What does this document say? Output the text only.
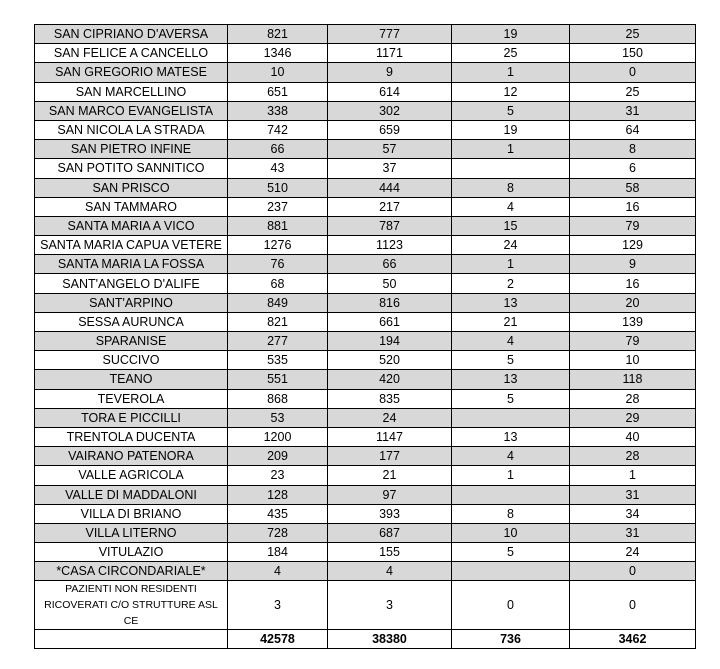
SAN CIPRIANO D'AVERSA	821	777	19	25
SAN FELICE A CANCELLO	1346	1171	25	150
SAN GREGORIO MATESE	10	9	1	0
SAN MARCELLINO	651	614	12	25
SAN MARCO EVANGELISTA	338	302	5	31
SAN NICOLA LA STRADA	742	659	19	64
SAN PIETRO INFINE	66	57	1	8
SAN POTITO SANNITICO	43	37		6
SAN PRISCO	510	444	8	58
SAN TAMMARO	237	217	4	16
SANTA MARIA A VICO	881	787	15	79
SANTA MARIA CAPUA VETERE	1276	1123	24	129
SANTA MARIA LA FOSSA	76	66	1	9
SANT'ANGELO D'ALIFE	68	50	2	16
SANT'ARPINO	849	816	13	20
SESSA AURUNCA	821	661	21	139
SPARANISE	277	194	4	79
SUCCIVO	535	520	5	10
TEANO	551	420	13	118
TEVEROLA	868	835	5	28
TORA E PICCILLI	53	24		29
TRENTOLA DUCENTA	1200	1147	13	40
VAIRANO PATENORA	209	177	4	28
VALLE AGRICOLA	23	21	1	1
VALLE DI MADDALONI	128	97		31
VILLA DI BRIANO	435	393	8	34
VILLA LITERNO	728	687	10	31
VITULAZIO	184	155	5	24
*CASA CIRCONDARIALE*	4	4		0
PAZIENTI NON RESIDENTI RICOVERATI C/O STRUTTURE ASL CE	3	3	0	0
	42578	38380	736	3462
